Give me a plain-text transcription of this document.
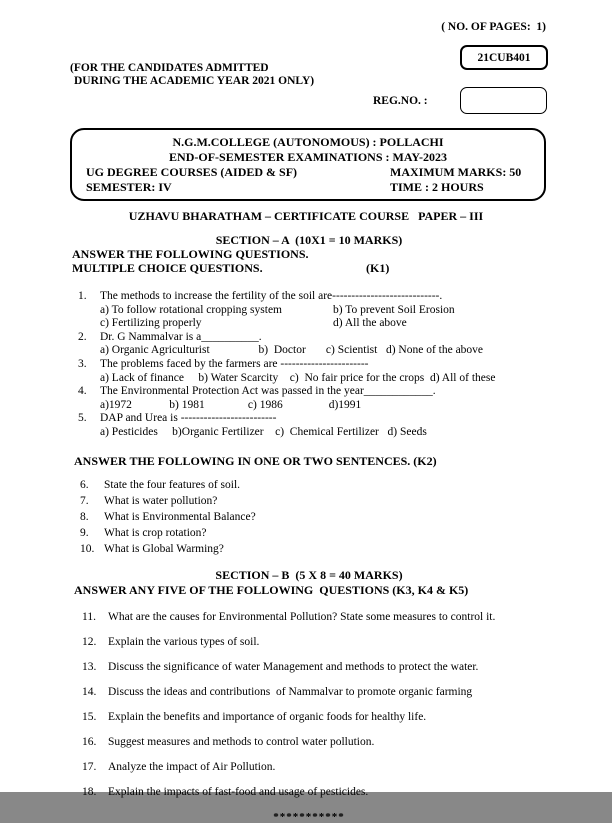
( NO. OF PAGES:  1)
21CUB401
(FOR THE CANDIDATES ADMITTED
DURING THE ACADEMIC YEAR 2021 ONLY)
REG.NO. :
N.G.M.COLLEGE (AUTONOMOUS) : POLLACHI
END-OF-SEMESTER EXAMINATIONS : MAY-2023
UG DEGREE COURSES (AIDED & SF)	MAXIMUM MARKS: 50
SEMESTER: IV	TIME : 2 HOURS
UZHAVU BHARATHAM – CERTIFICATE COURSE   PAPER – III
SECTION – A  (10X1 = 10 MARKS)
ANSWER THE FOLLOWING QUESTIONS.
MULTIPLE CHOICE QUESTIONS.	(K1)
1.	The methods to increase the fertility of the soil are----------------------------.
a) To follow rotational cropping system	b) To prevent Soil Erosion
c) Fertilizing properly	d) All the above
2.	Dr. G Nammalvar is a__________.
a) Organic Agriculturist                 b)  Doctor       c) Scientist   d) None of the above
3.	The problems faced by the farmers are -----------------------
a) Lack of finance     b) Water Scarcity    c)  No fair price for the crops  d) All of these
4.	The Environmental Protection Act was passed in the year____________.
a)1972             b) 1981               c) 1986                d)1991
5.	DAP and Urea is -------------------------
a) Pesticides     b)Organic Fertilizer    c)  Chemical Fertilizer   d) Seeds
ANSWER THE FOLLOWING IN ONE OR TWO SENTENCES. (K2)
6.	State the four features of soil.
7.	What is water pollution?
8.	What is Environmental Balance?
9.	What is crop rotation?
10. What is Global Warming?
SECTION – B  (5 X 8 = 40 MARKS)
ANSWER ANY FIVE OF THE FOLLOWING  QUESTIONS (K3, K4 & K5)
11.	What are the causes for Environmental Pollution? State some measures to control it.
12.	Explain the various types of soil.
13.	Discuss the significance of water Management and methods to protect the water.
14.	Discuss the ideas and contributions  of Nammalvar to promote organic farming
15.	Explain the benefits and importance of organic foods for healthy life.
16.	Suggest measures and methods to control water pollution.
17.	Analyze the impact of Air Pollution.
18.	Explain the impacts of fast-food and usage of pesticides.
***********
